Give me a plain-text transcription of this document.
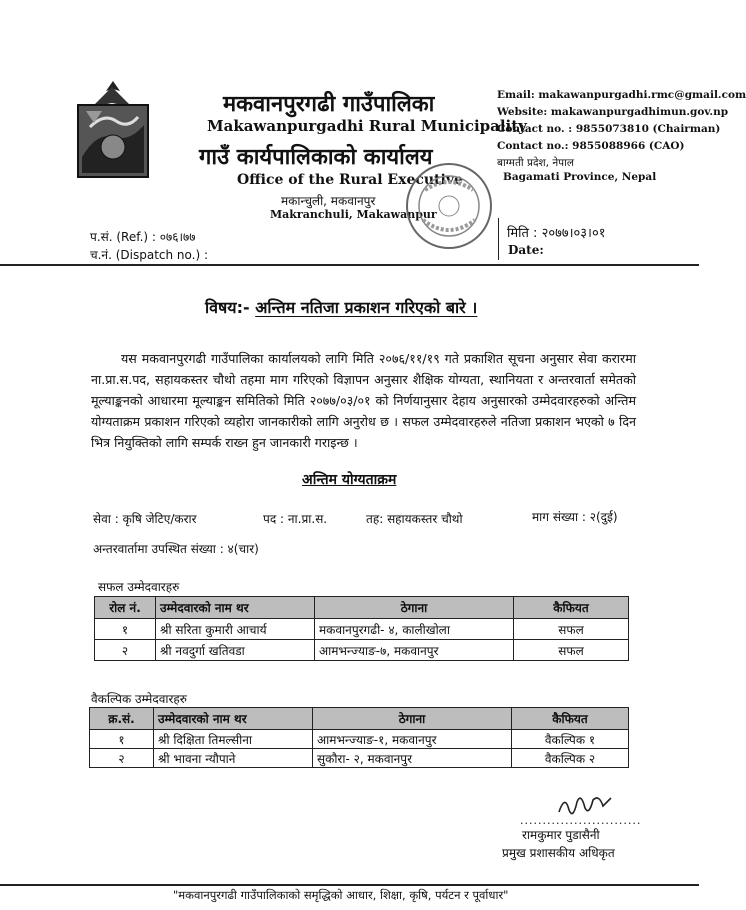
मकवानपुरगढी गाउँपालिका
Makawanpurgadhi Rural Municipality
गाउँ कार्यपालिकाको कार्यालय
Office of the Rural Executive
मकान्चुली, मकवानपुर
Makranchuli, Makawanpur
Email: makawanpurgadhi.rmc@gmail.com
Website: makawanpurgadhimun.gov.np
Contact no. : 9855073810 (Chairman)
Contact no.: 9855088966 (CAO)
बाग्मती प्रदेश, नेपाल
Bagamati Province, Nepal
प.सं. (Ref.) : ०७६।७७
च.नं. (Dispatch no.) :
मिति : २०७७।०३।०१
Date:
विषय:- अन्तिम नतिजा प्रकाशन गरिएको बारे ।
यस मकवानपुरगढी गाउँपालिका कार्यालयको लागि मिति २०७६/११/१९ गते प्रकाशित सूचना अनुसार सेवा करारमा ना.प्रा.स.पद, सहायकस्तर चौथो तहमा माग गरिएको विज्ञापन अनुसार शैक्षिक योग्यता, स्थानियता र अन्तरवार्ता समेतको मूल्याङ्कनको आधारमा मूल्याङ्कन समितिको मिति २०७७/०३/०१ को निर्णयानुसार देहाय अनुसारको उम्मेदवारहरुको अन्तिम योग्यताक्रम प्रकाशन गरिएको व्यहोरा जानकारीको लागि अनुरोध छ । सफल उम्मेदवारहरुले नतिजा प्रकाशन भएको ७ दिन भित्र नियुक्तिको लागि सम्पर्क राख्न हुन जानकारी गराइन्छ ।
अन्तिम योग्यताक्रम
सेवा : कृषि जेटिए/करार	पद : ना.प्रा.स.	तह: सहायकस्तर चौथो	माग संख्या : २(दुई)
अन्तरवार्तामा उपस्थित संख्या : ४(चार)
सफल उम्मेदवारहरु
रोल नं.	उम्मेदवारको नाम थर	ठेगाना	कैफियत
१	श्री सरिता कुमारी आचार्य	मकवानपुरगढी- ४, कालीखोला	सफल
२	श्री नवदुर्गा खतिवडा	आमभन्ज्याङ-७, मकवानपुर	सफल
वैकल्पिक उम्मेदवारहरु
क्र.सं.	उम्मेदवारको नाम थर	ठेगाना	कैफियत
१	श्री दिक्षिता तिमल्सीना	आमभन्ज्याङ-१, मकवानपुर	वैकल्पिक १
२	श्री भावना न्यौपाने	सुकौरा- २, मकवानपुर	वैकल्पिक २
...........................
रामकुमार पुडासैनी
प्रमुख प्रशासकीय अधिकृत
"मकवानपुरगढी गाउँपालिकाको समृद्धिको आधार, शिक्षा, कृषि, पर्यटन र पूर्वाधार"
